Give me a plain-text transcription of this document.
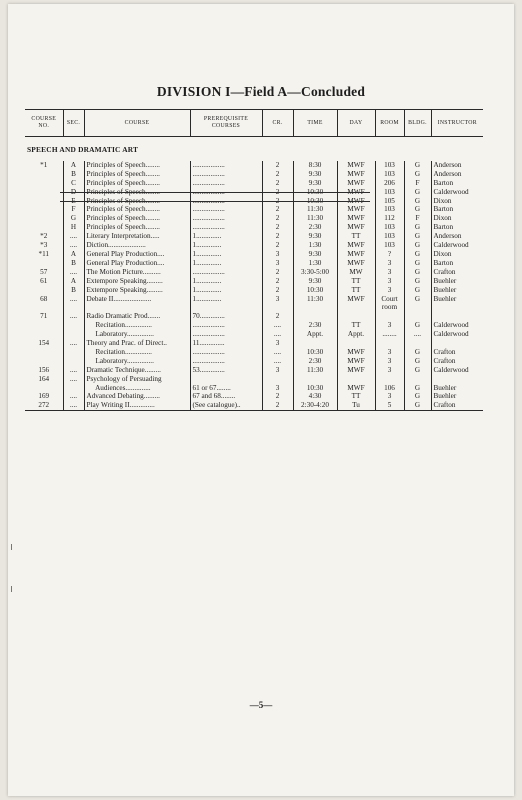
DIVISION I—Field A—Concluded
COURSE NO.	SEC.	COURSE	PREREQUISITE COURSES	CR.	TIME	DAY	ROOM	BLDG.	INSTRUCTOR
SPEECH AND DRAMATIC ART									
*1	A	Principles of Speech........	..................	2	8:30	MWF	103	G	Anderson
	B	Principles of Speech........	..................	2	9:30	MWF	103	G	Anderson
	C	Principles of Speech........	..................	2	9:30	MWF	206	F	Barton

	D	Principles of Speech........	..................	2	10:30	MWF	103	G	Calderwood

	E	Principles of Speech........	..................	2	10:30	MWF	105	G	Dixon
	F	Principles of Speech........	..................	2	11:30	MWF	103	G	Barton
	G	Principles of Speech........	..................	2	11:30	MWF	112	F	Dixon
	H	Principles of Speech........	..................	2	2:30	MWF	103	G	Barton
*2	....	Literary Interpretation.....	1..............	2	9:30	TT	103	G	Anderson
*3	....	Diction.....................	1..............	2	1:30	MWF	103	G	Calderwood
*11	A	General Play Production....	1..............	3	9:30	MWF	?	G	Dixon
	B	General Play Production....	1..............	3	1:30	MWF	3	G	Barton
57	....	The Motion Picture..........	..................	2	3:30-5:00	MW	3	G	Crafton
61	A	Extempore Speaking.........	1..............	2	9:30	TT	3	G	Buehler
	B	Extempore Speaking.........	1..............	2	10:30	TT	3	G	Buehler
68	....	Debate II.....................	1..............	3	11:30	MWF	Court	G	Buehler
							room		
71	....	Radio Dramatic Prod.......	70..............	2					
		Recitation...............	..................	....	2:30	TT	3	G	Calderwood
		Laboratory...............	..................	....	Appt.	Appt.	........	....	Calderwood
154	....	Theory and Prac. of Direct..	11..............	3					
		Recitation...............	..................	....	10:30	MWF	3	G	Crafton
		Laboratory...............	..................	....	2:30	MWF	3	G	Crafton
156	....	Dramatic Technique.........	53..............	3	11:30	MWF	3	G	Calderwood
164	....	Psychology of Persuading							
		Audiences..............	61 or 67........	3	10:30	MWF	106	G	Buehler
169	....	Advanced Debating.........	67 and 68........	2	4:30	TT	3	G	Buehler
272	....	Play Writing II..............	(See catalogue)..	2	2:30-4:20	Tu	5	G	Crafton
—5—
